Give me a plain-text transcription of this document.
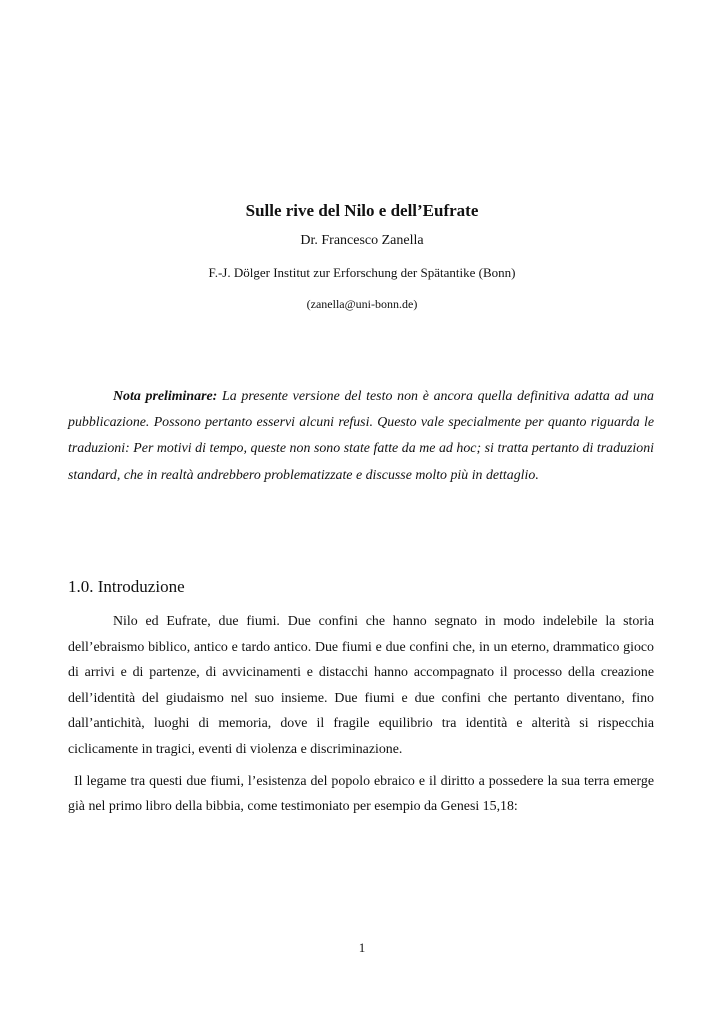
Sulle rive del Nilo e dell’Eufrate
Dr. Francesco Zanella
F.-J. Dölger Institut zur Erforschung der Spätantike (Bonn)
(zanella@uni-bonn.de)
Nota preliminare: La presente versione del testo non è ancora quella definitiva adatta ad una pubblicazione. Possono pertanto esservi alcuni refusi. Questo vale specialmente per quanto riguarda le traduzioni: Per motivi di tempo, queste non sono state fatte da me ad hoc; si tratta pertanto di traduzioni standard, che in realtà andrebbero problematizzate e discusse molto più in dettaglio.
1.0. Introduzione

Nilo ed Eufrate, due fiumi. Due confini che hanno segnato in modo indelebile la storia dell’ebraismo biblico, antico e tardo antico. Due fiumi e due confini che, in un eterno, drammatico gioco di arrivi e di partenze, di avvicinamenti e distacchi hanno accompagnato il processo della creazione dell’identità del giudaismo nel suo insieme. Due fiumi e due confini che pertanto diventano, fino dall’antichità, luoghi di memoria, dove il fragile equilibrio tra identità e alterità si rispecchia ciclicamente in tragici, eventi di violenza e discriminazione.

Il legame tra questi due fiumi, l’esistenza del popolo ebraico e il diritto a possedere la sua terra emerge già nel primo libro della bibbia, come testimoniato per esempio da Genesi 15,18:

1
